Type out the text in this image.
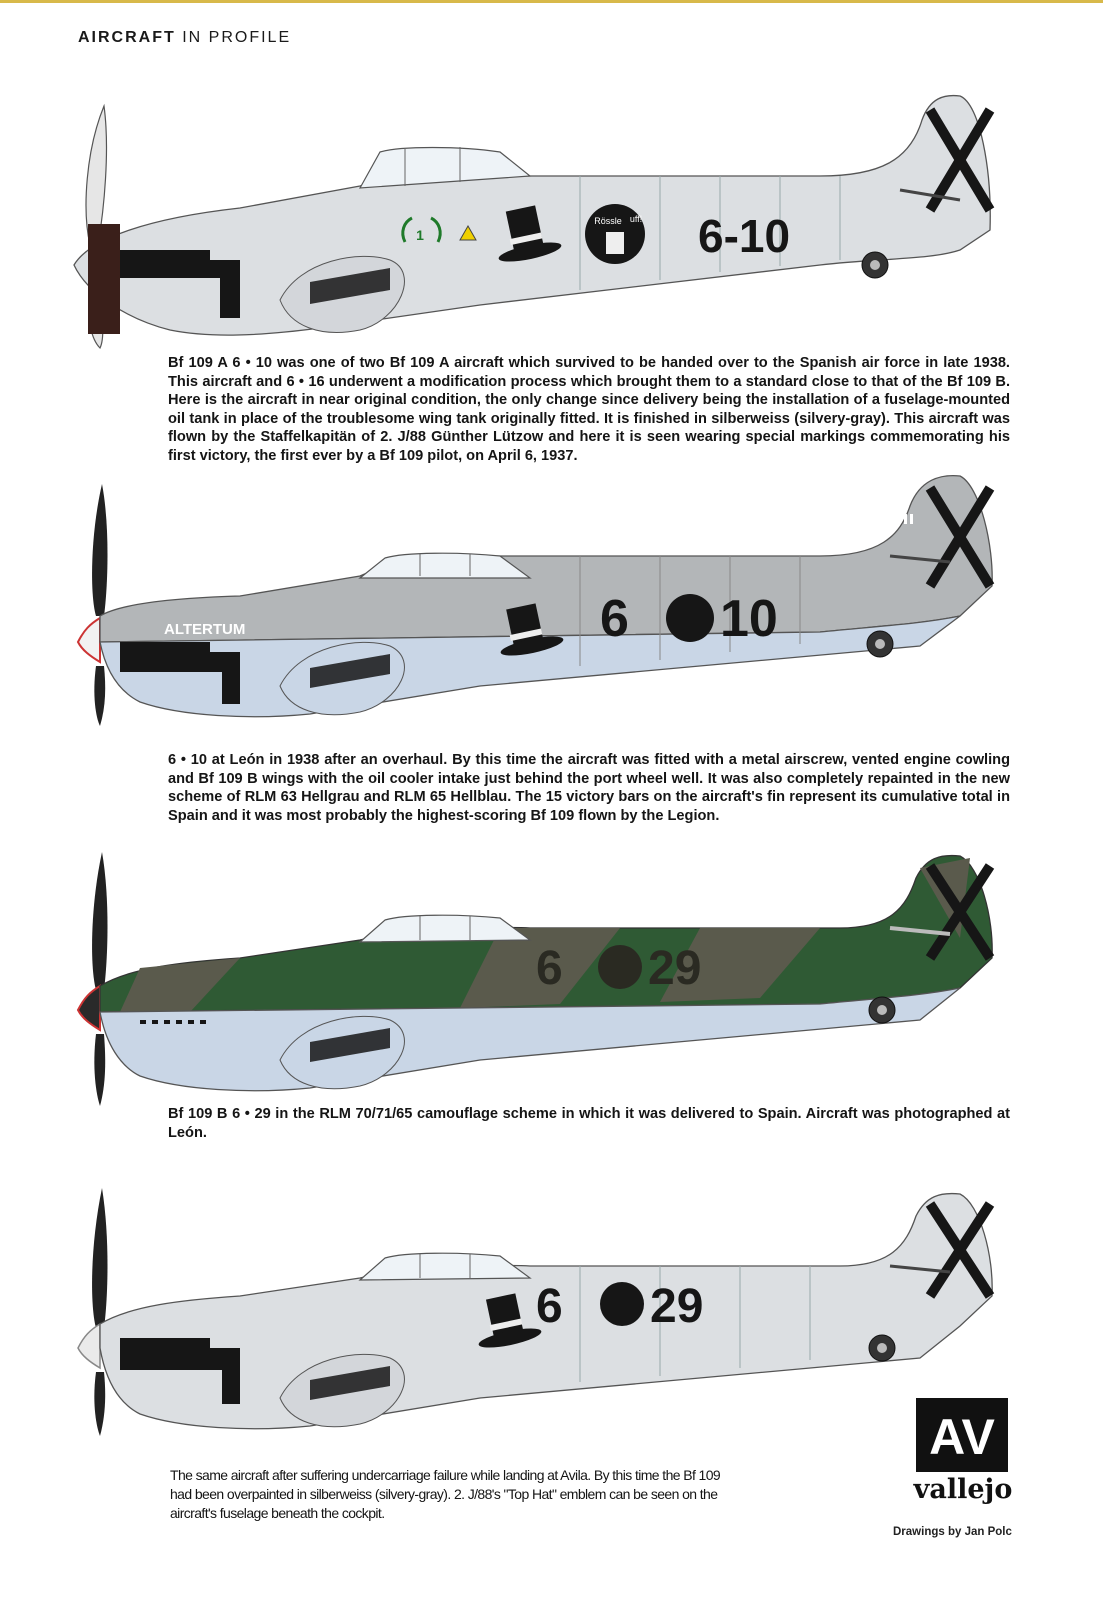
AIRCRAFT IN PROFILE
1
Rössle uff! 6-10
Bf 109 A 6 • 10 was one of two Bf 109 A aircraft which survived to be handed over to the Spanish air force in late 1938. This aircraft and 6 • 16 underwent a modification process which brought them to a standard close to that of the Bf 109 B. Here is the aircraft in near original condition, the only change since delivery being the installation of a fuselage-mounted oil tank in place of the troublesome wing tank originally fitted. It is finished in silberweiss (silvery-gray). This aircraft was flown by the Staffelkapitän of 2. J/88 Günther Lützow and here it is seen wearing special markings commemorating his first victory, the first ever by a Bf 109 pilot, on April 6, 1937.
ALTERTUM	6 10
6 • 10 at León in 1938 after an overhaul. By this time the aircraft was fitted with a metal airscrew, vented engine cowling and Bf 109 B wings with the oil cooler intake just behind the port wheel well. It was also completely repainted in the new scheme of RLM 63 Hellgrau and RLM 65 Hellblau. The 15 victory bars on the aircraft's fin represent its cumulative total in Spain and it was most probably the highest-scoring Bf 109 flown by the Legion.
6 29
Bf 109 B 6 • 29 in the RLM 70/71/65 camouflage scheme in which it was delivered to Spain. Aircraft was photographed at León.
6 29
The same aircraft after suffering undercarriage failure while landing at Avila. By this time the Bf 109 had been overpainted in silberweiss (silvery-gray). 2. J/88's "Top Hat" emblem can be seen on the aircraft's fuselage beneath the cockpit.
AV
vallejo
Drawings by Jan Polc
